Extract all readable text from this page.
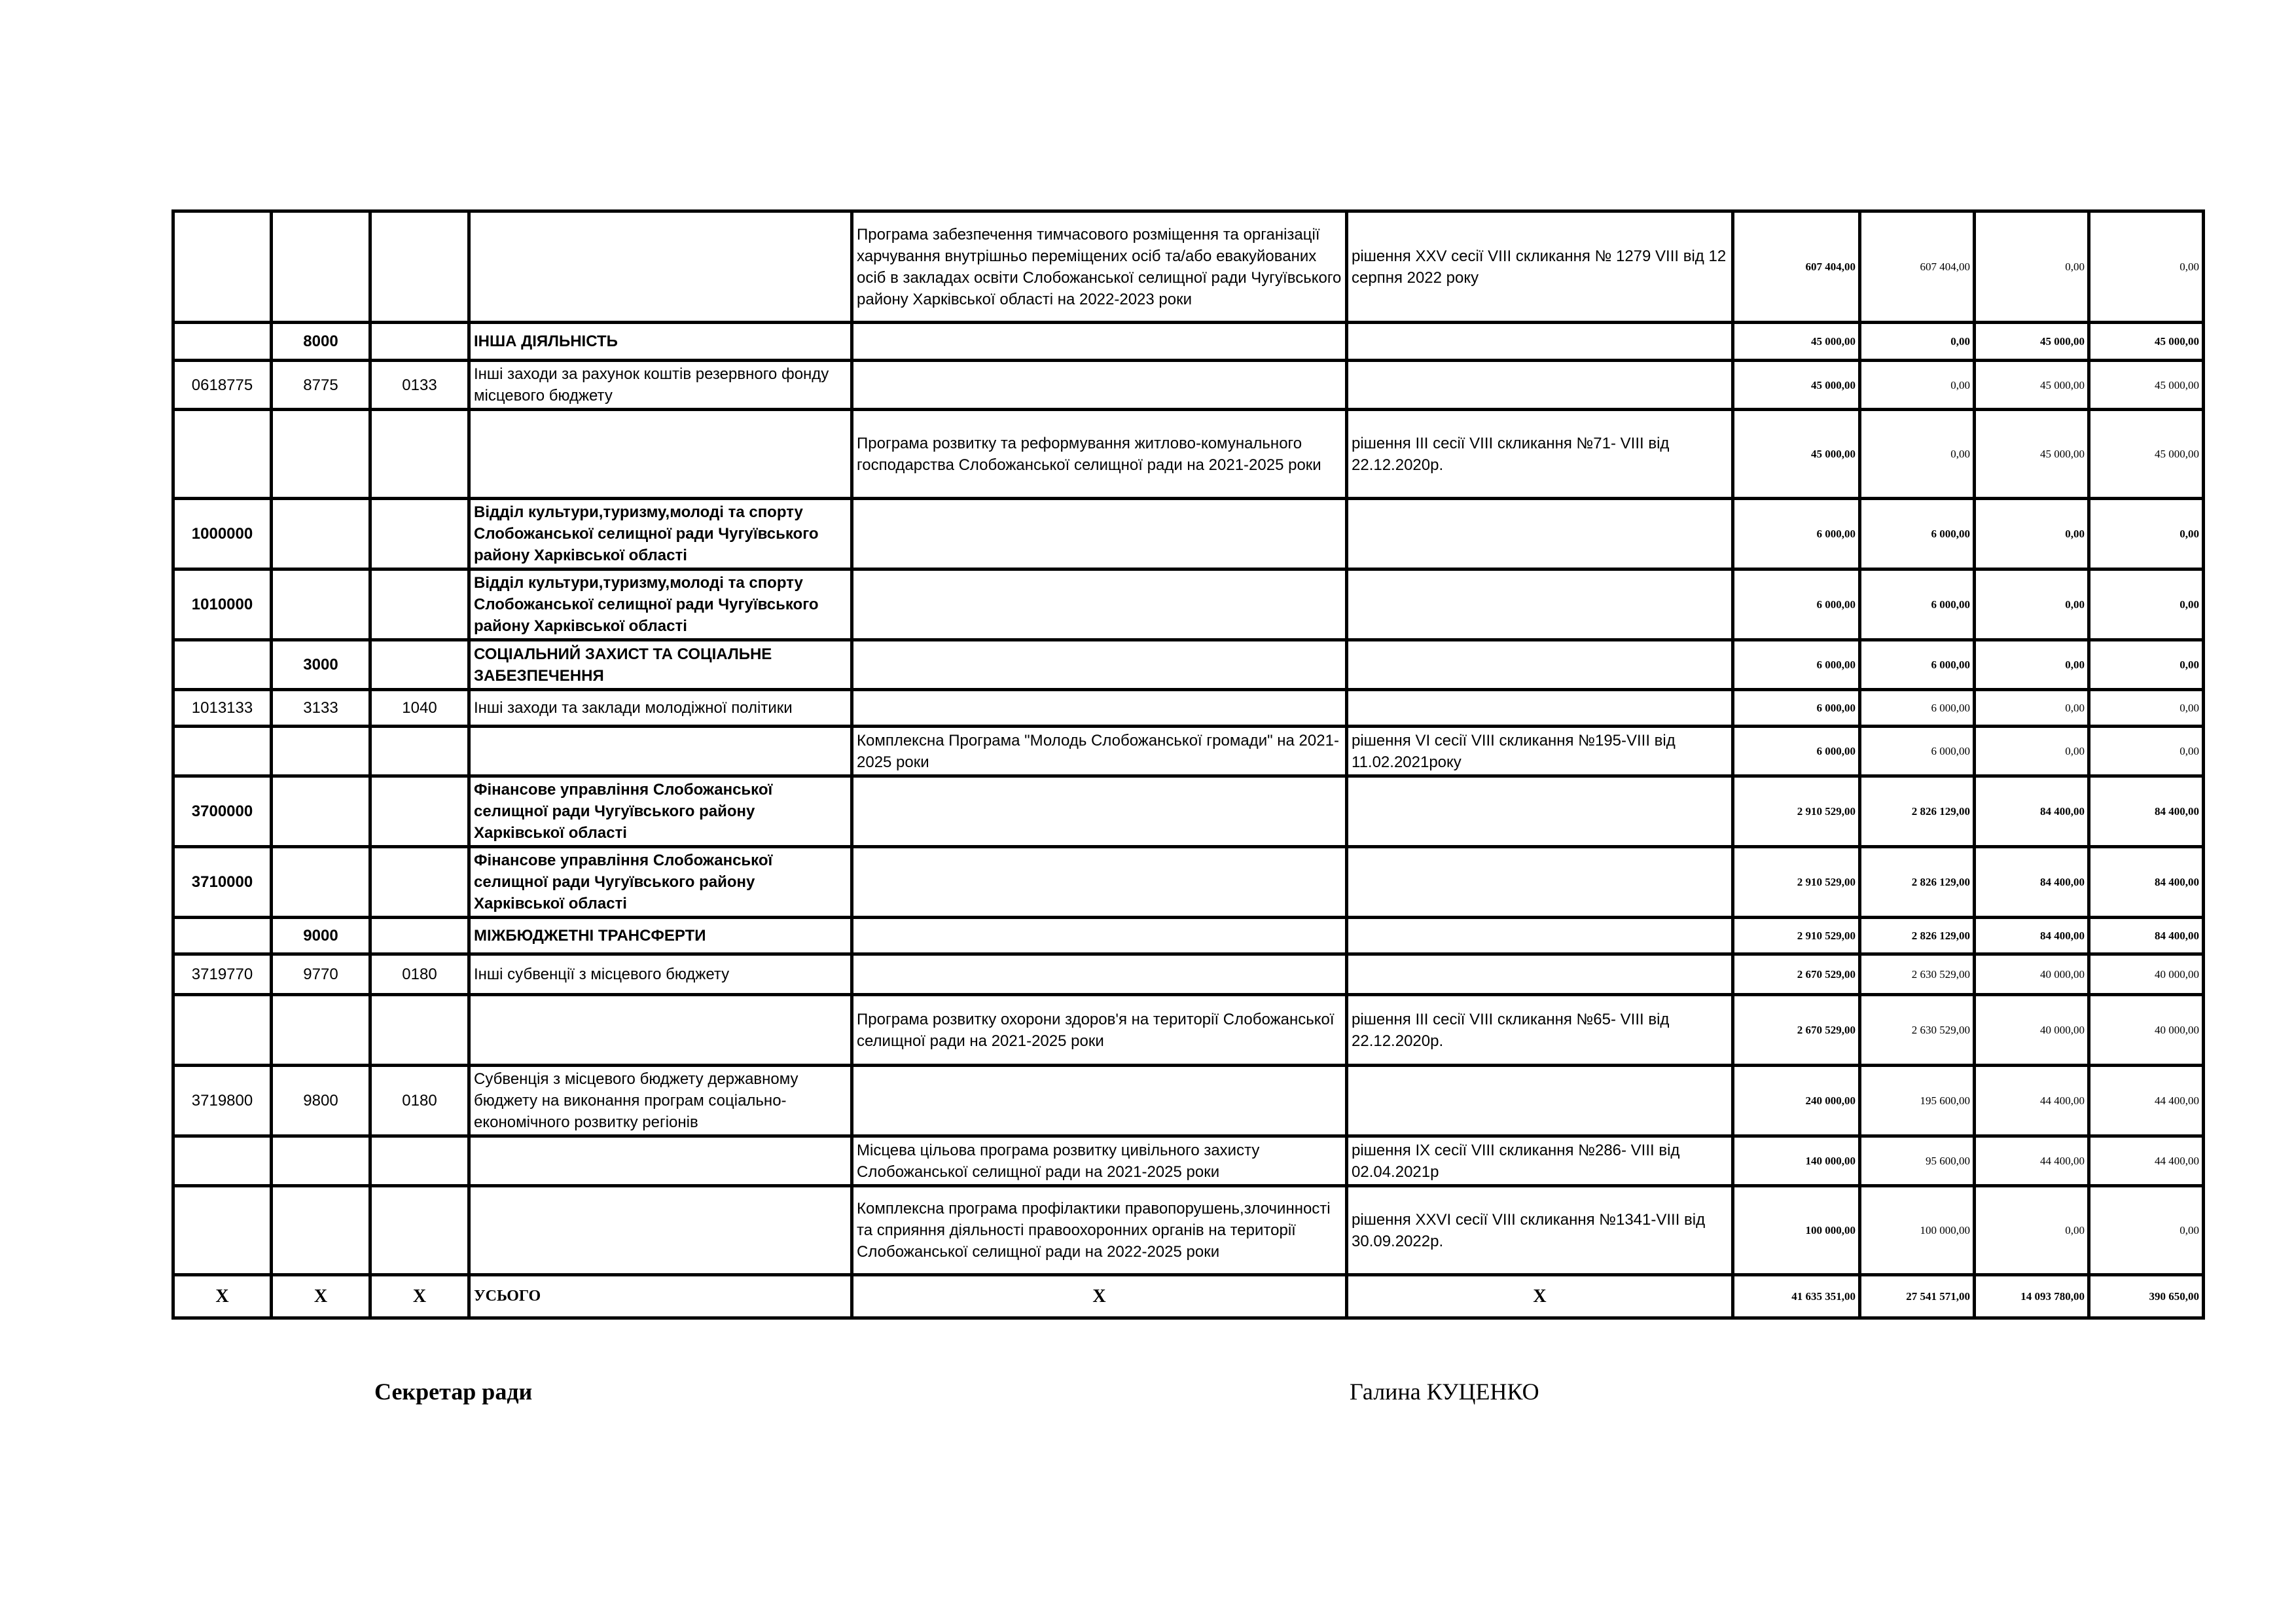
				Програма забезпечення тимчасового розміщення та організації харчування внутрішньо переміщених осіб та/або евакуйованих осіб в закладах освіти Слобожанської селищної ради Чугуївського району Харківської області на 2022-2023 роки	рішення XXV сесії VIII скликання № 1279 VIII від 12 серпня 2022 року	607 404,00	607 404,00	0,00	0,00
	8000		ІНША ДІЯЛЬНІСТЬ			45 000,00	0,00	45 000,00	45 000,00
0618775	8775	0133	Інші заходи за рахунок коштів резервного фонду місцевого бюджету			45 000,00	0,00	45 000,00	45 000,00
				Програма розвитку та реформування житлово-комунального господарства Слобожанської селищної ради на 2021-2025 роки	рішення ІІІ сесії VIII скликання №71- VIII від 22.12.2020р.	45 000,00	0,00	45 000,00	45 000,00
1000000			Відділ культури,туризму,молоді та спорту Слобожанської селищної ради Чугуївського району Харківської області			6 000,00	6 000,00	0,00	0,00
1010000			Відділ культури,туризму,молоді та спорту Слобожанської селищної ради Чугуївського району Харківської області			6 000,00	6 000,00	0,00	0,00
	3000		СОЦІАЛЬНИЙ ЗАХИСТ ТА СОЦІАЛЬНЕ ЗАБЕЗПЕЧЕННЯ			6 000,00	6 000,00	0,00	0,00
1013133	3133	1040	Інші заходи та заклади молодіжної політики			6 000,00	6 000,00	0,00	0,00
				Комплексна Програма "Молодь Слобожанської громади" на 2021-2025 роки	рішення VІ сесії VIII скликання №195-VIII від 11.02.2021року	6 000,00	6 000,00	0,00	0,00
3700000			Фінансове управління Слобожанської селищної ради Чугуївського району Харківської області			2 910 529,00	2 826 129,00	84 400,00	84 400,00
3710000			Фінансове управління Слобожанської селищної ради Чугуївського району Харківської області			2 910 529,00	2 826 129,00	84 400,00	84 400,00
	9000		МІЖБЮДЖЕТНІ ТРАНСФЕРТИ			2 910 529,00	2 826 129,00	84 400,00	84 400,00
3719770	9770	0180	Інші субвенції з місцевого бюджету			2 670 529,00	2 630 529,00	40 000,00	40 000,00
				Програма розвитку охорони здоров'я на території Слобожанської селищної ради на 2021-2025 роки	рішення ІІІ сесії VIII скликання №65- VIII від 22.12.2020р.	2 670 529,00	2 630 529,00	40 000,00	40 000,00
3719800	9800	0180	Субвенція з місцевого бюджету державному бюджету на виконання програм соціально-економічного розвитку регіонів			240 000,00	195 600,00	44 400,00	44 400,00
				Місцева цільова програма розвитку цивільного захисту Слобожанської селищної ради на 2021-2025 роки	рішення ІХ сесії VIII скликання №286- VIII від 02.04.2021р	140 000,00	95 600,00	44 400,00	44 400,00
				Комплексна програма профілактики правопорушень,злочинності та сприяння діяльності правоохоронних органів на території Слобожанської селищної ради на 2022-2025 роки	рішення XXVІ сесії VIII скликання №1341-VIII від 30.09.2022р.	100 000,00	100 000,00	0,00	0,00
Х	Х	Х	УСЬОГО	Х	Х	41 635 351,00	27 541 571,00	14 093 780,00	390 650,00
Секретар ради	Галина КУЦЕНКО
